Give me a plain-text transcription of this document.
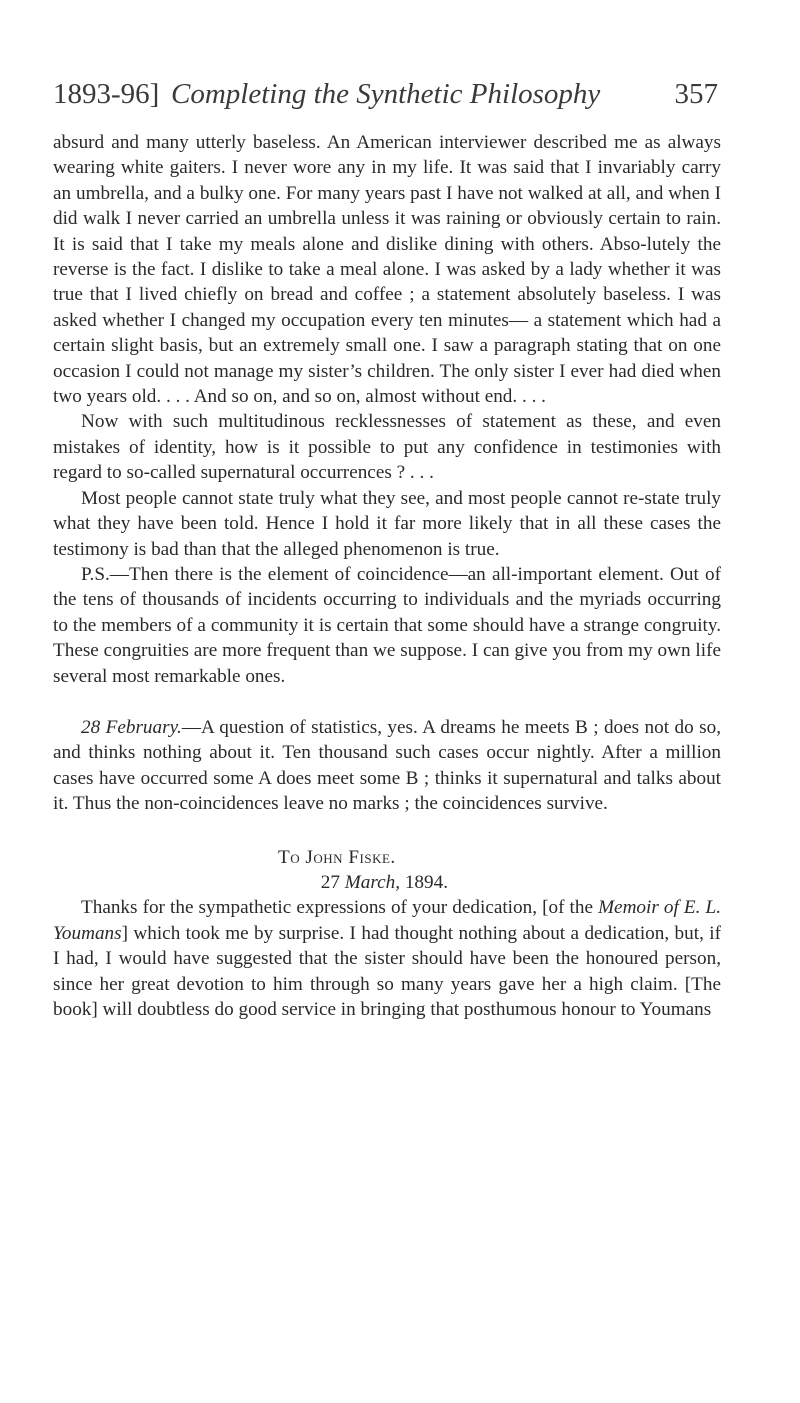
1893-96] Completing the Synthetic Philosophy	357

absurd and many utterly baseless. An American interviewer described me as always wearing white gaiters. I never wore any in my life. It was said that I invariably carry an umbrella, and a bulky one. For many years past I have not walked at all, and when I did walk I never carried an umbrella unless it was raining or obviously certain to rain. It is said that I take my meals alone and dislike dining with others. Abso-lutely the reverse is the fact. I dislike to take a meal alone. I was asked by a lady whether it was true that I lived chiefly on bread and coffee ; a statement absolutely baseless. I was asked whether I changed my occupation every ten minutes— a statement which had a certain slight basis, but an extremely small one. I saw a paragraph stating that on one occasion I could not manage my sister’s children. The only sister I ever had died when two years old. . . . And so on, and so on, almost without end. . . .

Now with such multitudinous recklessnesses of statement as these, and even mistakes of identity, how is it possible to put any confidence in testimonies with regard to so-called supernatural occurrences ? . . .

Most people cannot state truly what they see, and most people cannot re-state truly what they have been told. Hence I hold it far more likely that in all these cases the testimony is bad than that the alleged phenomenon is true.

P.S.—Then there is the element of coincidence—an all-important element. Out of the tens of thousands of incidents occurring to individuals and the myriads occurring to the members of a community it is certain that some should have a strange congruity. These congruities are more frequent than we suppose. I can give you from my own life several most remarkable ones.

28 February.—A question of statistics, yes. A dreams he meets B ; does not do so, and thinks nothing about it. Ten thousand such cases occur nightly. After a million cases have occurred some A does meet some B ; thinks it supernatural and talks about it. Thus the non-coincidences leave no marks ; the coincidences survive.

To John Fiske.

27 March, 1894.

Thanks for the sympathetic expressions of your dedication, [of the Memoir of E. L. Youmans] which took me by surprise. I had thought nothing about a dedication, but, if I had, I would have suggested that the sister should have been the honoured person, since her great devotion to him through so many years gave her a high claim. [The book] will doubtless do good service in bringing that posthumous honour to Youmans
